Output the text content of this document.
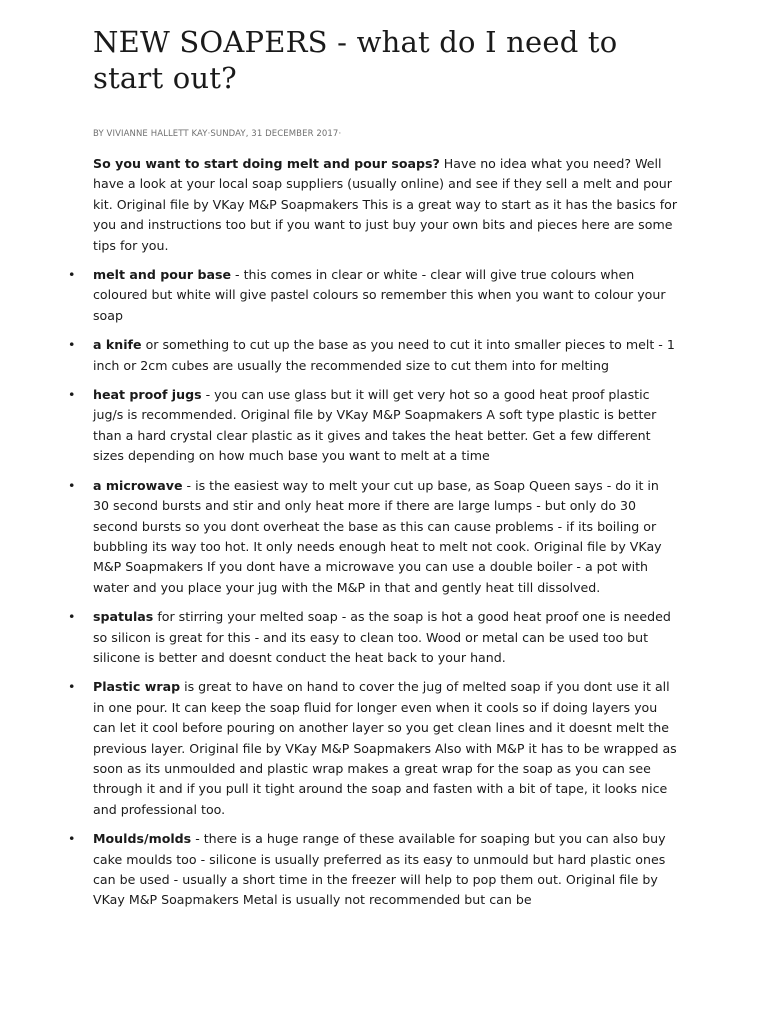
NEW SOAPERS - what do I need to start out?
BY VIVIANNE HALLETT KAY·SUNDAY, 31 DECEMBER 2017·

So you want to start doing melt and pour soaps? Have no idea what you need? Well have a look at your local soap suppliers (usually online) and see if they sell a melt and pour kit. Original file by VKay M&P Soapmakers This is a great way to start as it has the basics for you and instructions too but if you want to just buy your own bits and pieces here are some tips for you.

• melt and pour base - this comes in clear or white - clear will give true colours when coloured but white will give pastel colours so remember this when you want to colour your soap
• a knife or something to cut up the base as you need to cut it into smaller pieces to melt - 1 inch or 2cm cubes are usually the recommended size to cut them into for melting
• heat proof jugs - you can use glass but it will get very hot so a good heat proof plastic jug/s is recommended. Original file by VKay M&P Soapmakers A soft type plastic is better than a hard crystal clear plastic as it gives and takes the heat better. Get a few different sizes depending on how much base you want to melt at a time
• a microwave - is the easiest way to melt your cut up base, as Soap Queen says - do it in 30 second bursts and stir and only heat more if there are large lumps - but only do 30 second bursts so you dont overheat the base as this can cause problems - if its boiling or bubbling its way too hot. It only needs enough heat to melt not cook. Original file by VKay M&P Soapmakers If you dont have a microwave you can use a double boiler - a pot with water and you place your jug with the M&P in that and gently heat till dissolved.
• spatulas for stirring your melted soap - as the soap is hot a good heat proof one is needed so silicon is great for this - and its easy to clean too. Wood or metal can be used too but silicone is better and doesnt conduct the heat back to your hand.
• Plastic wrap is great to have on hand to cover the jug of melted soap if you dont use it all in one pour. It can keep the soap fluid for longer even when it cools so if doing layers you can let it cool before pouring on another layer so you get clean lines and it doesnt melt the previous layer. Original file by VKay M&P Soapmakers Also with M&P it has to be wrapped as soon as its unmoulded and plastic wrap makes a great wrap for the soap as you can see through it and if you pull it tight around the soap and fasten with a bit of tape, it looks nice and professional too.
• Moulds/molds - there is a huge range of these available for soaping but you can also buy cake moulds too - silicone is usually preferred as its easy to unmould but hard plastic ones can be used - usually a short time in the freezer will help to pop them out. Original file by VKay M&P Soapmakers Metal is usually not recommended but can be
